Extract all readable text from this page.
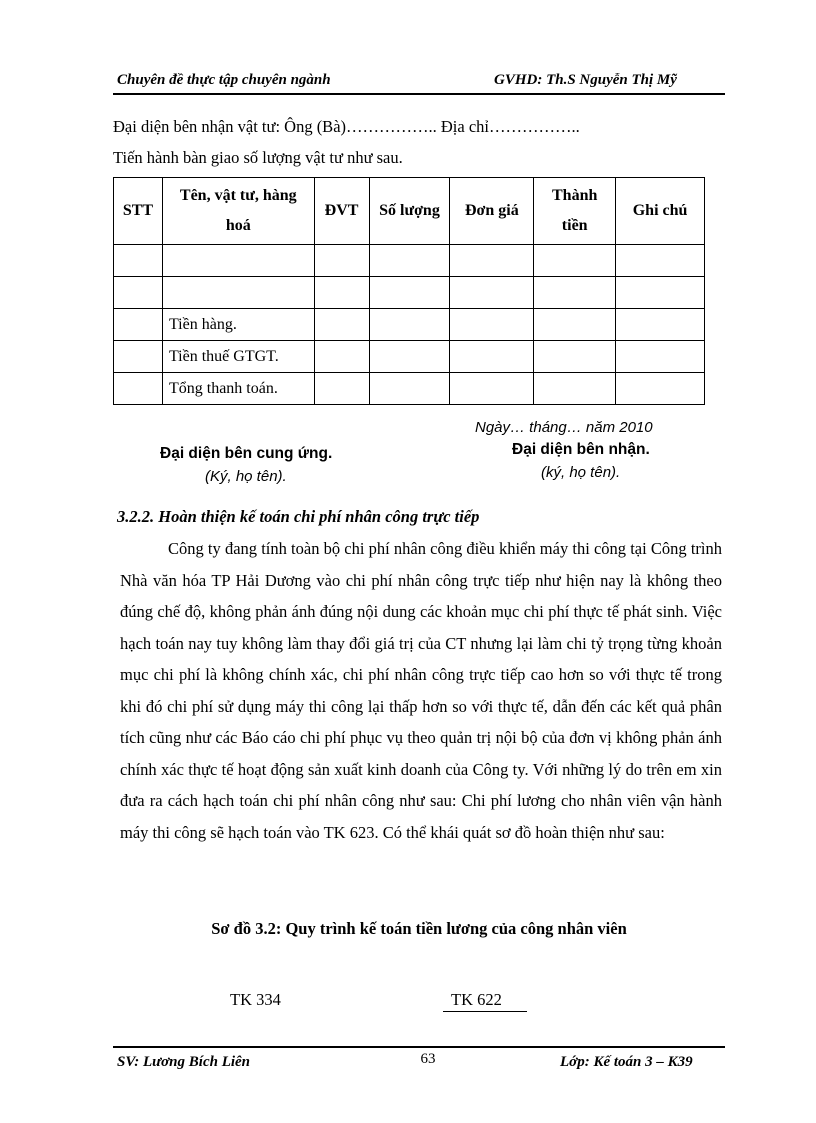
Chuyên đề thực tập chuyên ngành	GVHD: Th.S Nguyễn Thị Mỹ
Đại diện bên nhận vật tư: Ông (Bà)…………….. Địa chỉ……………..
Tiến hành bàn giao số lượng vật tư như sau.
STT	Tên, vật tư, hàng hoá	ĐVT	Số lượng	Đơn giá	Thành tiền	Ghi chú

	Tiền hàng.					
	Tiền thuế GTGT.					
	Tổng thanh toán.					
Ngày… tháng… năm 2010
Đại diện bên cung ứng.
(Ký, họ tên).
Đại diện bên nhận.
(ký, họ tên).
3.2.2. Hoàn thiện kế toán chi phí nhân công trực tiếp
Công ty đang tính toàn bộ chi phí nhân công điều khiển máy thi công tại Công trình Nhà văn hóa TP Hải Dương vào chi phí nhân công trực tiếp như hiện nay là không theo đúng chế độ, không phản ánh đúng nội dung các khoản mục chi phí thực tế phát sinh. Việc hạch toán nay tuy không làm thay đổi giá trị của CT nhưng lại làm chi tỷ trọng từng khoản mục chi phí là không chính xác, chi phí nhân công trực tiếp cao hơn so với thực tế trong khi đó chi phí sử dụng máy thi công lại thấp hơn so với thực tế, dẫn đến các kết quả phân tích cũng như các Báo cáo chi phí phục vụ theo quản trị nội bộ của đơn vị không phản ánh chính xác thực tế hoạt động sản xuất kinh doanh của Công ty. Với những lý do trên em xin đưa ra cách hạch toán chi phí nhân công như sau: Chi phí lương cho nhân viên vận hành máy thi công sẽ hạch toán vào TK 623. Có thể khái quát sơ đồ hoàn thiện như sau:
Sơ đồ 3.2: Quy trình kế toán tiền lương của công nhân viên
TK 334	TK 622
SV: Lương Bích Liên	63	Lớp: Kế toán 3 – K39
